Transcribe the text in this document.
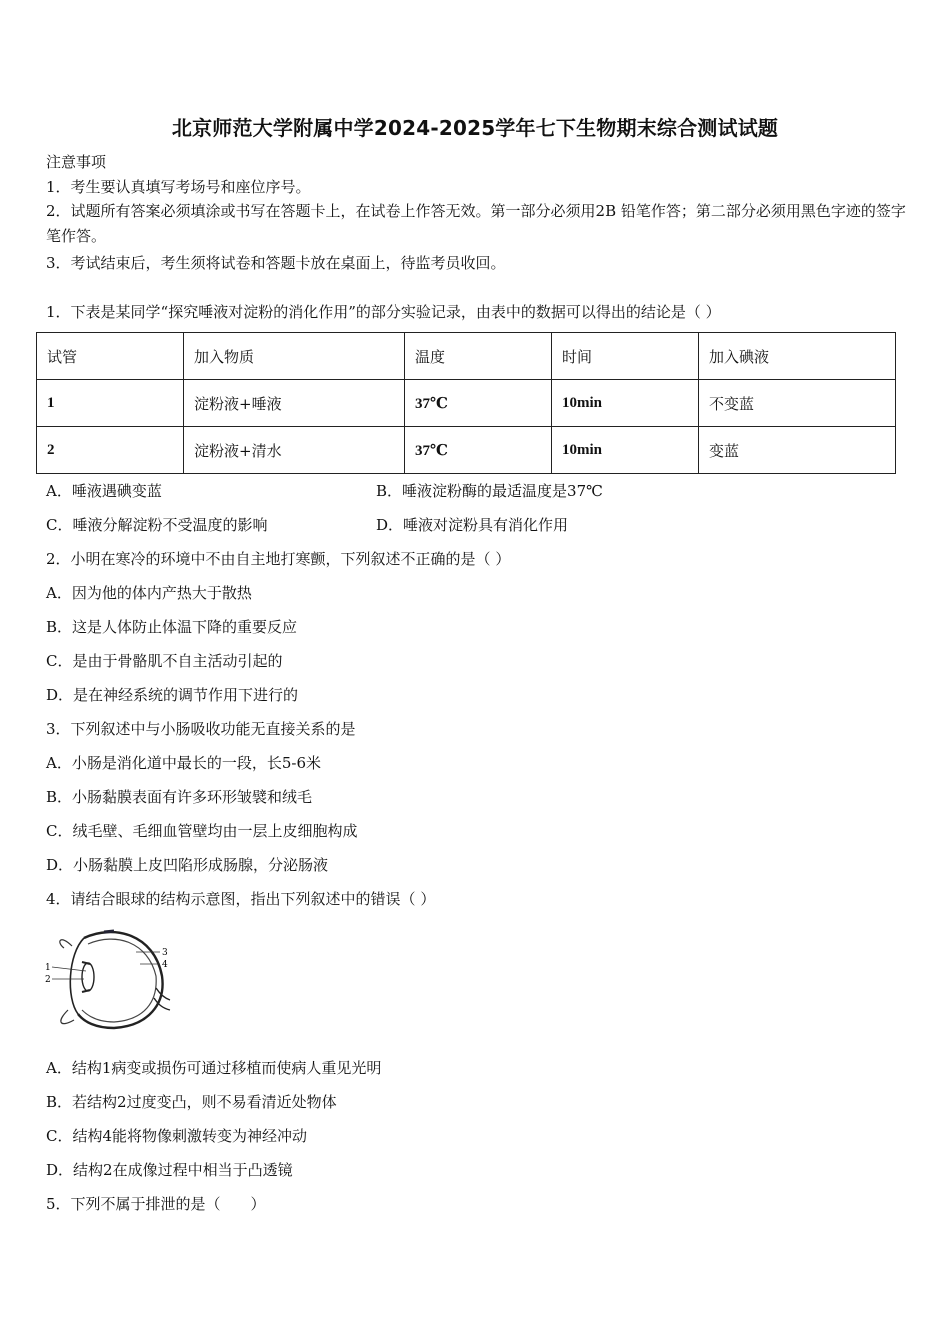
北京师范大学附属中学2024-2025学年七下生物期末综合测试试题
注意事项
1．考生要认真填写考场号和座位序号。
2．试题所有答案必须填涂或书写在答题卡上，在试卷上作答无效。第一部分必须用2B 铅笔作答；第二部分必须用黑色字迹的签字笔作答。
3．考试结束后，考生须将试卷和答题卡放在桌面上，待监考员收回。
1．下表是某同学“探究唾液对淀粉的消化作用”的部分实验记录，由表中的数据可以得出的结论是（ ）
试管	加入物质	温度	时间	加入碘液
1	淀粉液+唾液	37℃	10min	不变蓝
2	淀粉液+清水	37℃	10min	变蓝
A．唾液遇碘变蓝	B．唾液淀粉酶的最适温度是37℃
C．唾液分解淀粉不受温度的影响	D．唾液对淀粉具有消化作用
2．小明在寒冷的环境中不由自主地打寒颤，下列叙述不正确的是（ ）
A．因为他的体内产热大于散热
B．这是人体防止体温下降的重要反应
C．是由于骨骼肌不自主活动引起的
D．是在神经系统的调节作用下进行的
3．下列叙述中与小肠吸收功能无直接关系的是
A．小肠是消化道中最长的一段，长5-6米
B．小肠黏膜表面有许多环形皱襞和绒毛
C．绒毛壁、毛细血管壁均由一层上皮细胞构成
D．小肠黏膜上皮凹陷形成肠腺，分泌肠液
4．请结合眼球的结构示意图，指出下列叙述中的错误（ ）
1
2
3
4
A．结构1病变或损伤可通过移植而使病人重见光明
B．若结构2过度变凸，则不易看清近处物体
C．结构4能将物像刺激转变为神经冲动
D．结构2在成像过程中相当于凸透镜
5．下列不属于排泄的是（　　）
